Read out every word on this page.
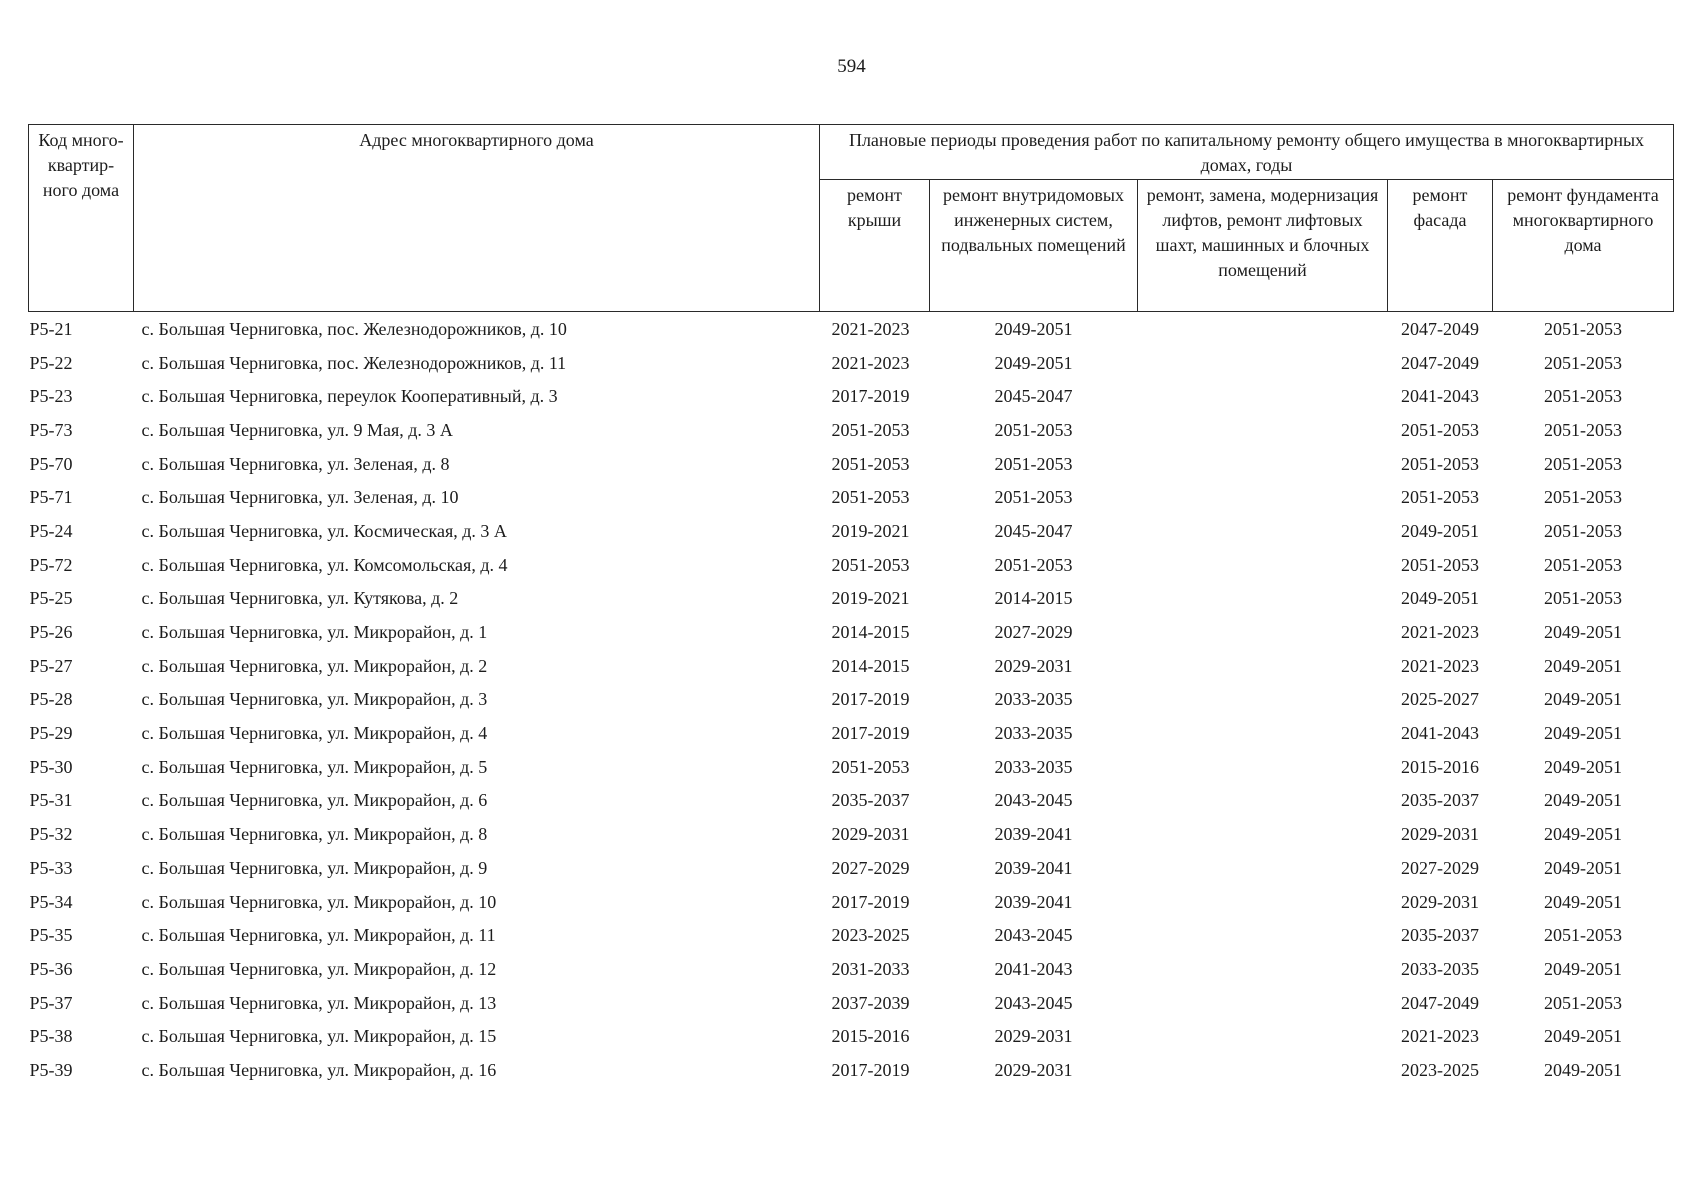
594
Код много-квартир-ного дома	Адрес многоквартирного дома	Плановые периоды проведения работ по капитальному ремонту общего имущества в многоквартирных домах, годы				
		ремонт крыши	ремонт внутридомовых инженерных систем, подвальных помещений	ремонт, замена, модернизация лифтов, ремонт лифтовых шахт, машинных и блочных помещений	ремонт фасада	ремонт фундамента многоквартирного дома

Р5-21	с. Большая Черниговка, пос. Железнодорожников, д. 10	2021-2023	2049-2051		2047-2049	2051-2053
Р5-22	с. Большая Черниговка, пос. Железнодорожников, д. 11	2021-2023	2049-2051		2047-2049	2051-2053
Р5-23	с. Большая Черниговка, переулок Кооперативный, д. 3	2017-2019	2045-2047		2041-2043	2051-2053
Р5-73	с. Большая Черниговка, ул. 9 Мая, д. 3 А	2051-2053	2051-2053		2051-2053	2051-2053
Р5-70	с. Большая Черниговка, ул. Зеленая, д. 8	2051-2053	2051-2053		2051-2053	2051-2053
Р5-71	с. Большая Черниговка, ул. Зеленая, д. 10	2051-2053	2051-2053		2051-2053	2051-2053
Р5-24	с. Большая Черниговка, ул. Космическая, д. 3 А	2019-2021	2045-2047		2049-2051	2051-2053
Р5-72	с. Большая Черниговка, ул. Комсомольская, д. 4	2051-2053	2051-2053		2051-2053	2051-2053
Р5-25	с. Большая Черниговка, ул. Кутякова, д. 2	2019-2021	2014-2015		2049-2051	2051-2053
Р5-26	с. Большая Черниговка, ул. Микрорайон, д. 1	2014-2015	2027-2029		2021-2023	2049-2051
Р5-27	с. Большая Черниговка, ул. Микрорайон, д. 2	2014-2015	2029-2031		2021-2023	2049-2051
Р5-28	с. Большая Черниговка, ул. Микрорайон, д. 3	2017-2019	2033-2035		2025-2027	2049-2051
Р5-29	с. Большая Черниговка, ул. Микрорайон, д. 4	2017-2019	2033-2035		2041-2043	2049-2051
Р5-30	с. Большая Черниговка, ул. Микрорайон, д. 5	2051-2053	2033-2035		2015-2016	2049-2051
Р5-31	с. Большая Черниговка, ул. Микрорайон, д. 6	2035-2037	2043-2045		2035-2037	2049-2051
Р5-32	с. Большая Черниговка, ул. Микрорайон, д. 8	2029-2031	2039-2041		2029-2031	2049-2051
Р5-33	с. Большая Черниговка, ул. Микрорайон, д. 9	2027-2029	2039-2041		2027-2029	2049-2051
Р5-34	с. Большая Черниговка, ул. Микрорайон, д. 10	2017-2019	2039-2041		2029-2031	2049-2051
Р5-35	с. Большая Черниговка, ул. Микрорайон, д. 11	2023-2025	2043-2045		2035-2037	2051-2053
Р5-36	с. Большая Черниговка, ул. Микрорайон, д. 12	2031-2033	2041-2043		2033-2035	2049-2051
Р5-37	с. Большая Черниговка, ул. Микрорайон, д. 13	2037-2039	2043-2045		2047-2049	2051-2053
Р5-38	с. Большая Черниговка, ул. Микрорайон, д. 15	2015-2016	2029-2031		2021-2023	2049-2051
Р5-39	с. Большая Черниговка, ул. Микрорайон, д. 16	2017-2019	2029-2031		2023-2025	2049-2051
